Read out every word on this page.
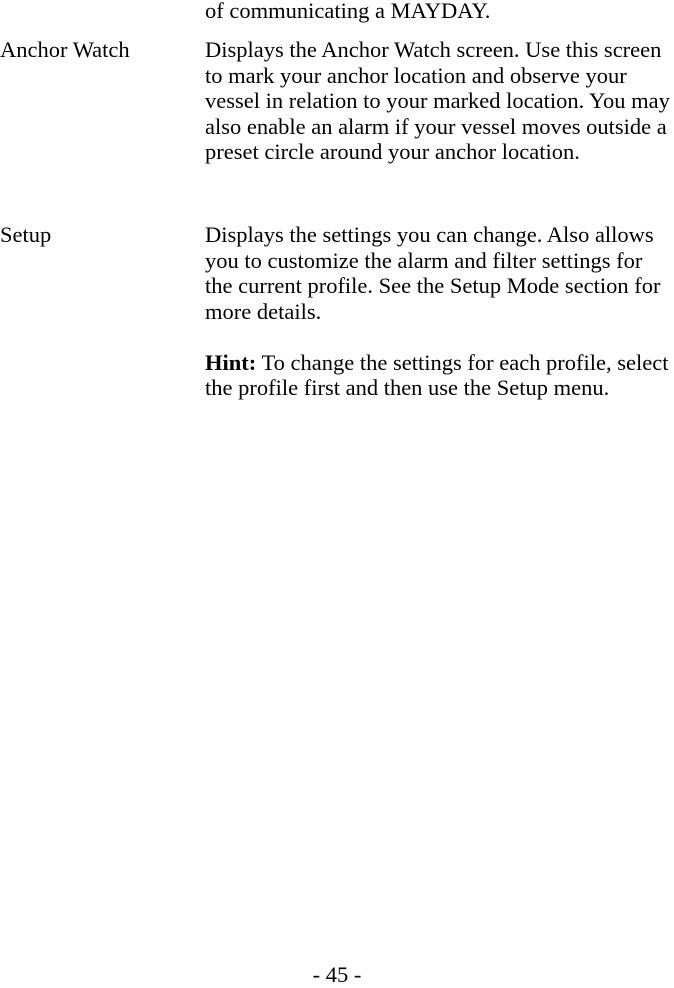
of communicating a MAYDAY.
Anchor Watch	Displays the Anchor Watch screen. Use this screen to mark your anchor location and observe your vessel in relation to your marked location. You may also enable an alarm if your vessel moves outside a preset circle around your anchor location.

Setup	Displays the settings you can change. Also allows you to customize the alarm and filter settings for the current profile. See the Setup Mode section for more details.

Hint: To change the settings for each profile, select the profile first and then use the Setup menu.

- 45 -
